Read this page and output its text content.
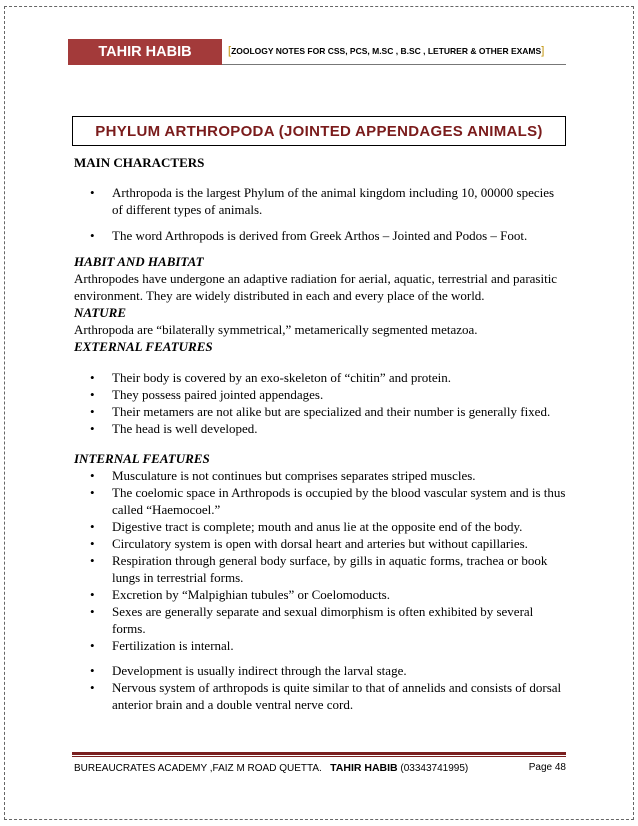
TAHIR HABIB	[ZOOLOGY NOTES FOR CSS, PCS, M.SC , B.SC , LETURER & OTHER EXAMS]
PHYLUM ARTHROPODA (JOINTED APPENDAGES ANIMALS)
MAIN CHARACTERS
• Arthropoda is the largest Phylum of the animal kingdom including 10, 00000 species of different types of animals.
• The word Arthropods is derived from Greek Arthos – Jointed and Podos – Foot.
HABIT AND HABITAT

Arthropodes have undergone an adaptive radiation for aerial, aquatic, terrestrial and parasitic environment. They are widely distributed in each and every place of the world.

NATURE

Arthropoda are “bilaterally symmetrical,” metamerically segmented metazoa.

EXTERNAL FEATURES
• Their body is covered by an exo-skeleton of “chitin” and protein.
• They possess paired jointed appendages.
• Their metamers are not alike but are specialized and their number is generally fixed.
• The head is well developed.
INTERNAL FEATURES
• Musculature is not continues but comprises separates striped muscles.
• The coelomic space in Arthropods is occupied by the blood vascular system and is thus called “Haemocoel.”
• Digestive tract is complete; mouth and anus lie at the opposite end of the body.
• Circulatory system is open with dorsal heart and arteries but without capillaries.
• Respiration through general body surface, by gills in aquatic forms, trachea or book lungs in terrestrial forms.
• Excretion by “Malpighian tubules” or Coelomoducts.
• Sexes are generally separate and sexual dimorphism is often exhibited by several forms.
• Fertilization is internal.
• Development is usually indirect through the larval stage.
• Nervous system of arthropods is quite similar to that of annelids and consists of dorsal anterior brain and a double ventral nerve cord.
BUREAUCRATES ACADEMY ,FAIZ M ROAD QUETTA. TAHIR HABIB (03343741995)	Page 48
